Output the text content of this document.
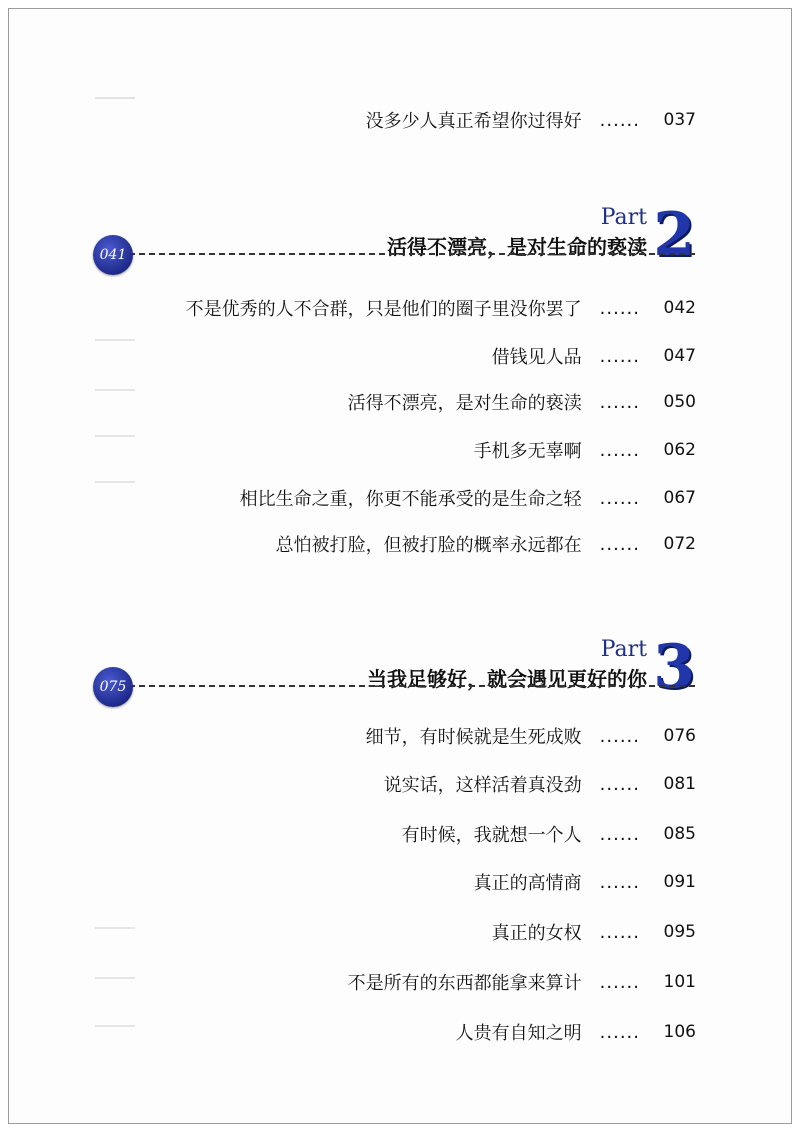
没多少人真正希望你过得好 ......	037
Part 2
活得不漂亮，是对生命的亵渎
041
不是优秀的人不合群，只是他们的圈子里没你罢了 ......	042
借钱见人品 ......	047
活得不漂亮，是对生命的亵渎 ......	050
手机多无辜啊 ......	062
相比生命之重，你更不能承受的是生命之轻 ......	067
总怕被打脸，但被打脸的概率永远都在 ......	072
Part 3
当我足够好，就会遇见更好的你
075
细节，有时候就是生死成败 ......	076
说实话，这样活着真没劲 ......	081
有时候，我就想一个人 ......	085
真正的高情商 ......	091
真正的女权 ......	095
不是所有的东西都能拿来算计 ......	101
人贵有自知之明 ......	106
